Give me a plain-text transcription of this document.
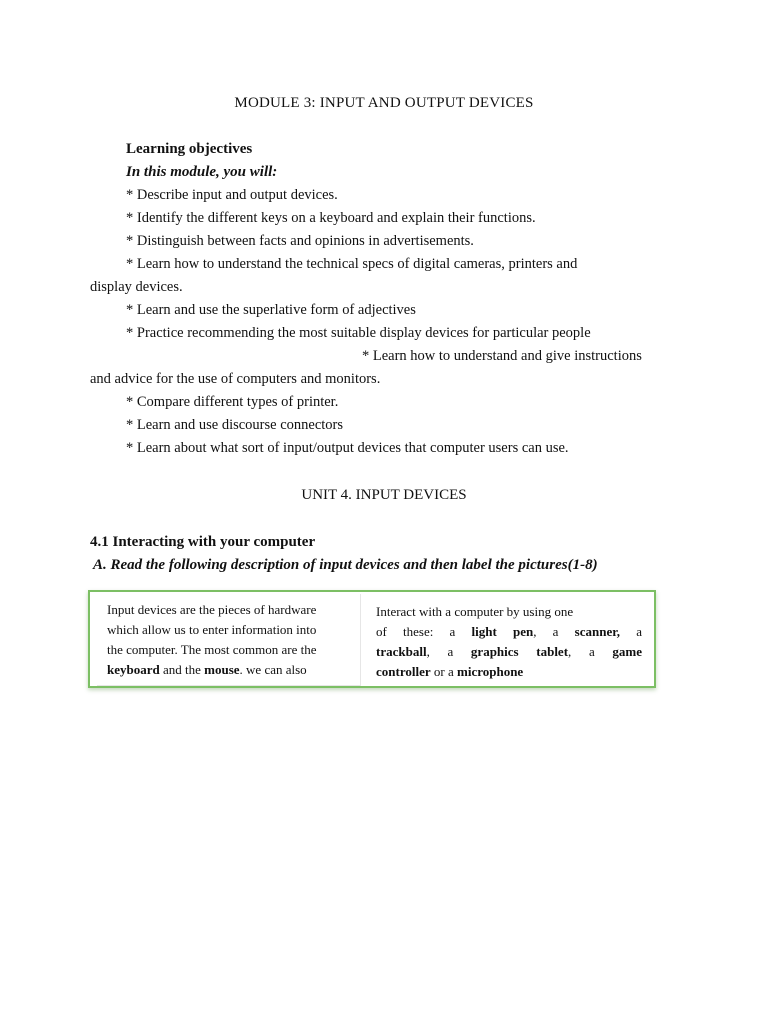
MODULE 3: INPUT AND OUTPUT DEVICES
Learning objectives
In this module, you will:
* Describe input and output devices.
* Identify the different keys on a keyboard and explain their functions.
* Distinguish between facts and opinions in advertisements.
* Learn how to understand the technical specs of digital cameras, printers and
display devices.
* Learn and use the superlative form of adjectives
* Practice recommending the most suitable display devices for particular people
* Learn how to understand and give instructions
and advice for the use of computers and monitors.
* Compare different types of printer.
* Learn and use discourse connectors
* Learn about what sort of input/output devices that computer users can use.
UNIT 4. INPUT DEVICES
4.1 Interacting with your computer
A. Read the following description of input devices and then label the pictures(1-8)
Input devices are the pieces of hardware
which allow us to enter information into
the computer. The most common are the
keyboard and the mouse. we can also
Interact with a computer by using one
of these: a light pen, a scanner, a
trackball, a graphics tablet, a game
controller or a microphone
